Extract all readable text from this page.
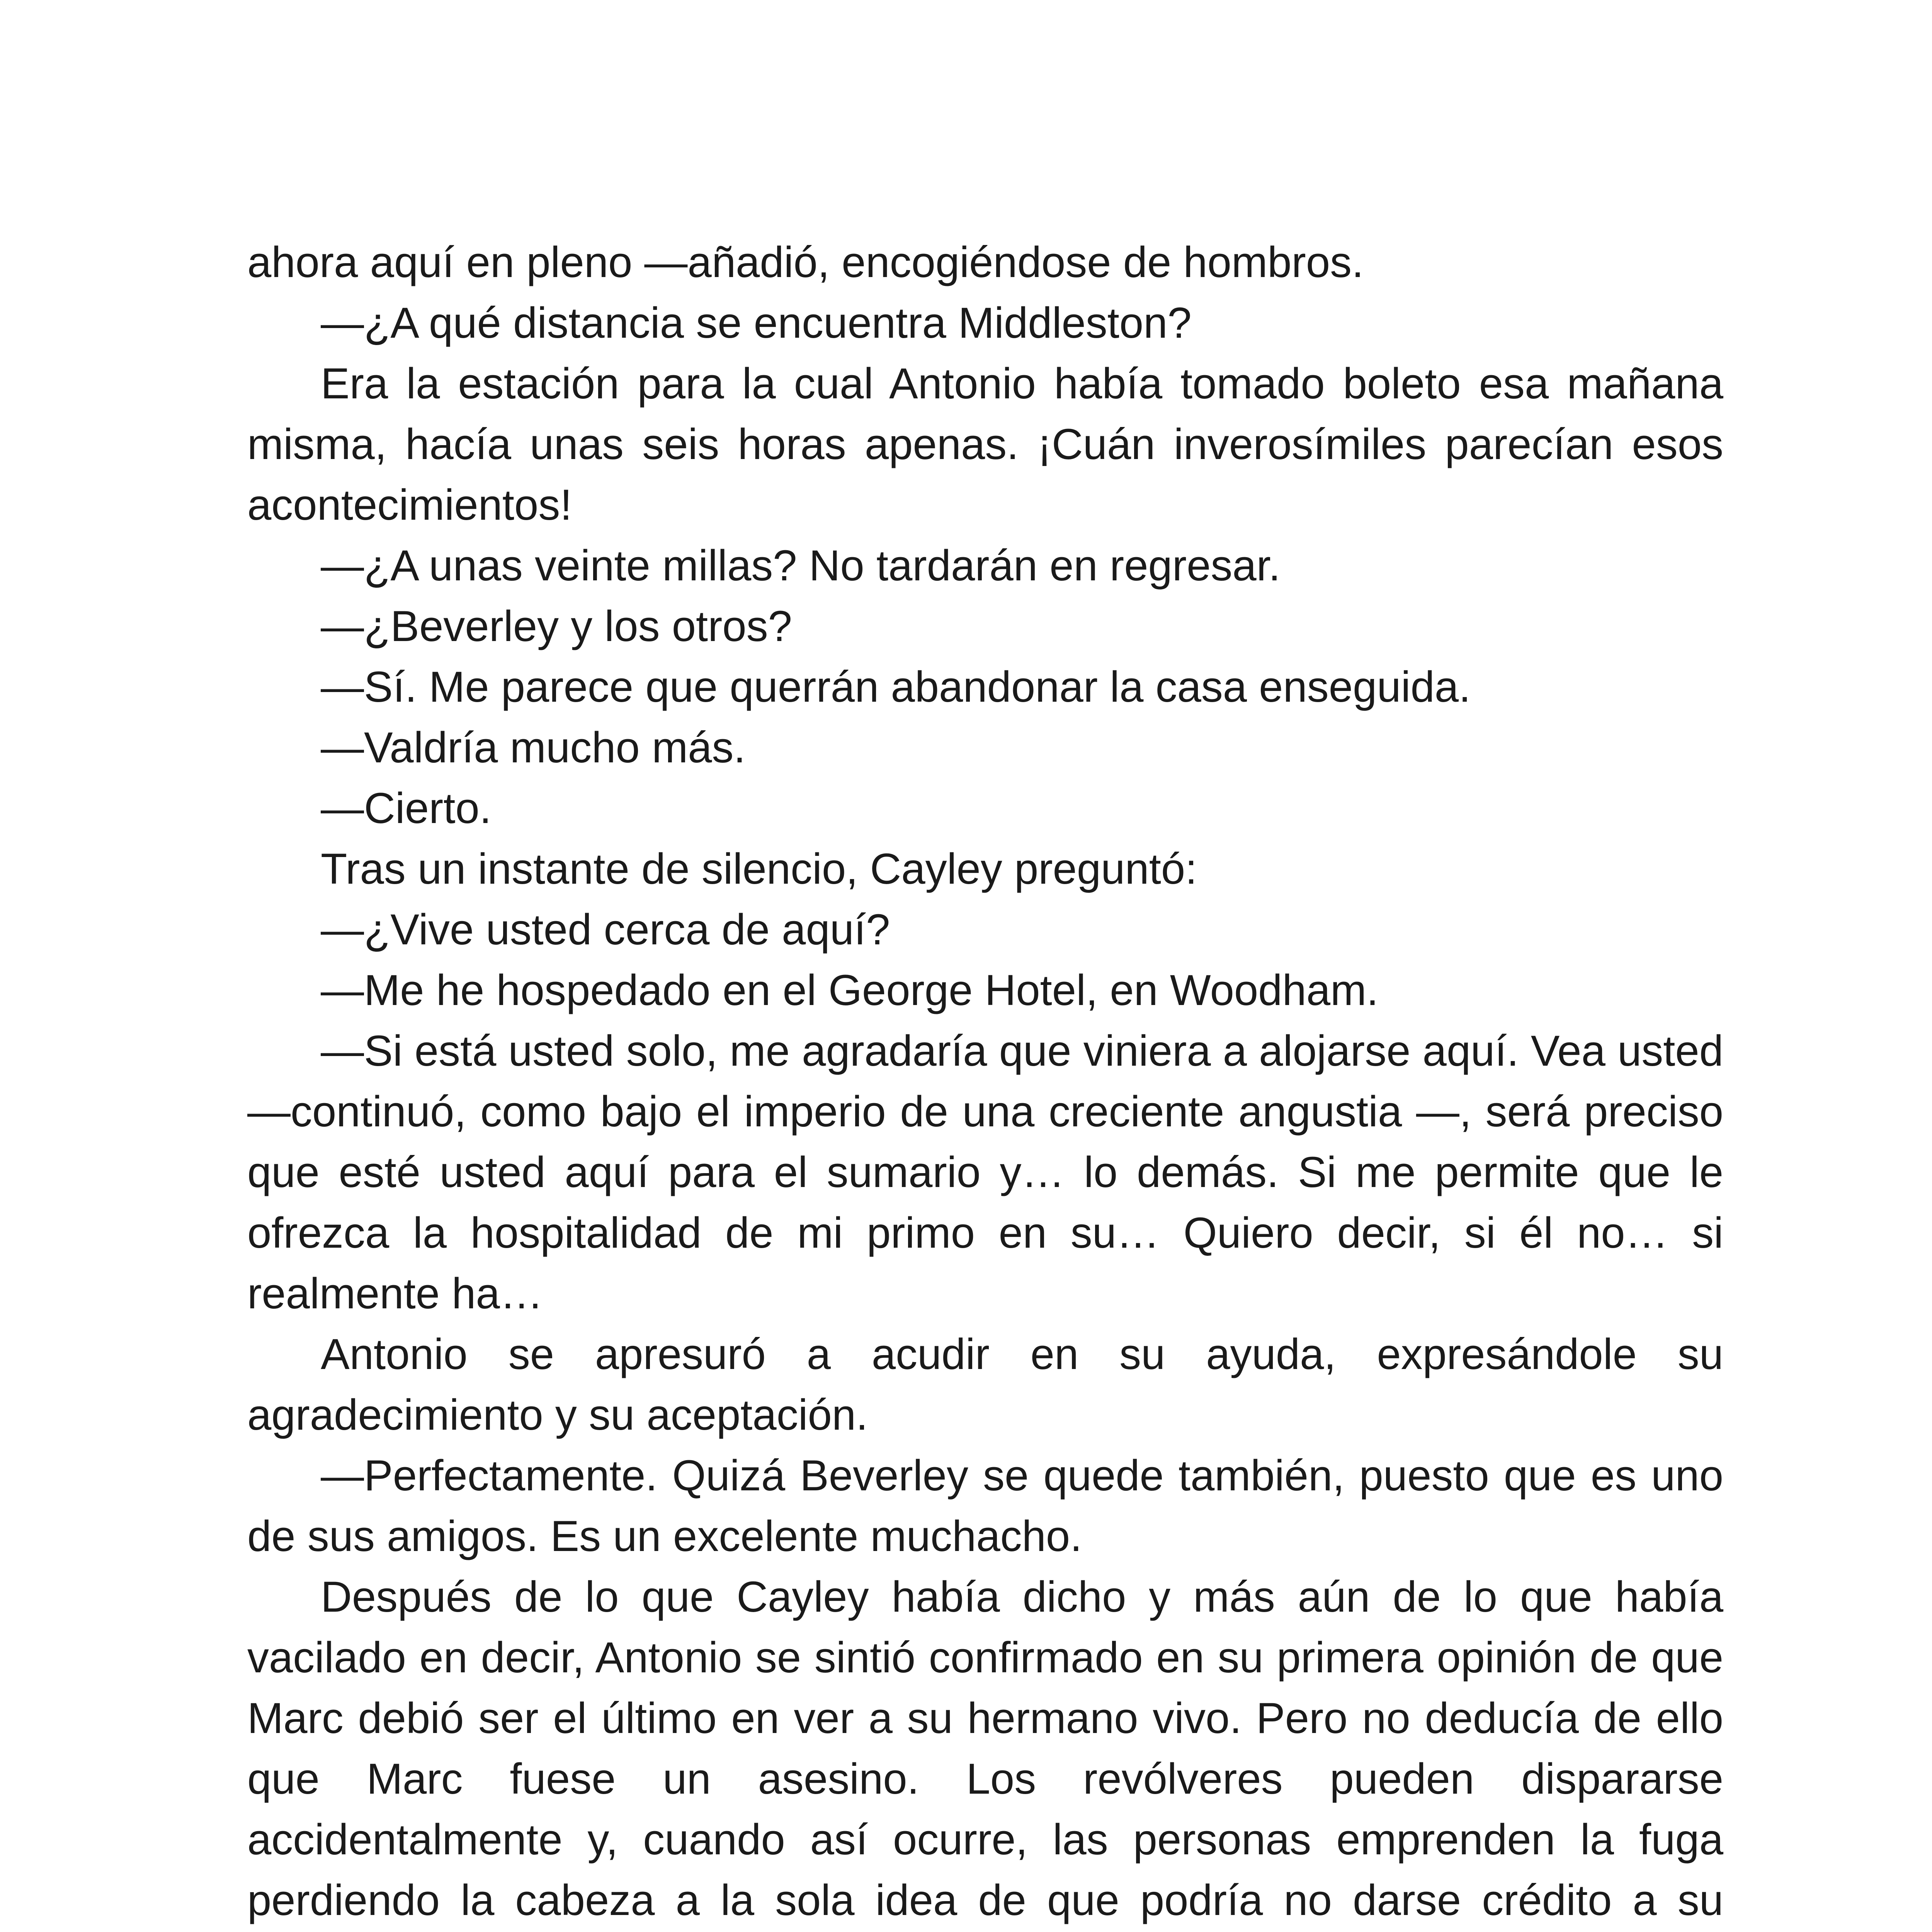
ahora aquí en pleno —añadió, encogiéndose de hombros.

—¿A qué distancia se encuentra Middleston?

Era la estación para la cual Antonio había tomado boleto esa mañana misma, hacía unas seis horas apenas. ¡Cuán inverosímiles parecían esos acontecimientos!

—¿A unas veinte millas? No tardarán en regresar.

—¿Beverley y los otros?

—Sí. Me parece que querrán abandonar la casa enseguida.

—Valdría mucho más.

—Cierto.

Tras un instante de silencio, Cayley preguntó:

—¿Vive usted cerca de aquí?

—Me he hospedado en el George Hotel, en Woodham.

—Si está usted solo, me agradaría que viniera a alojarse aquí. Vea usted —continuó, como bajo el imperio de una creciente angustia —, será preciso que esté usted aquí para el sumario y… lo demás. Si me permite que le ofrezca la hospitalidad de mi primo en su… Quiero decir, si él no… si realmente ha…

Antonio se apresuró a acudir en su ayuda, expresándole su agradecimiento y su aceptación.

—Perfectamente. Quizá Beverley se quede también, puesto que es uno de sus amigos. Es un excelente muchacho.

Después de lo que Cayley había dicho y más aún de lo que había vacilado en decir, Antonio se sintió confirmado en su primera opinión de que Marc debió ser el último en ver a su hermano vivo. Pero no deducía de ello que Marc fuese un asesino. Los revólveres pueden dispararse accidentalmente y, cuando así ocurre, las personas emprenden la fuga perdiendo la cabeza a la sola idea de que podría no darse crédito a su
